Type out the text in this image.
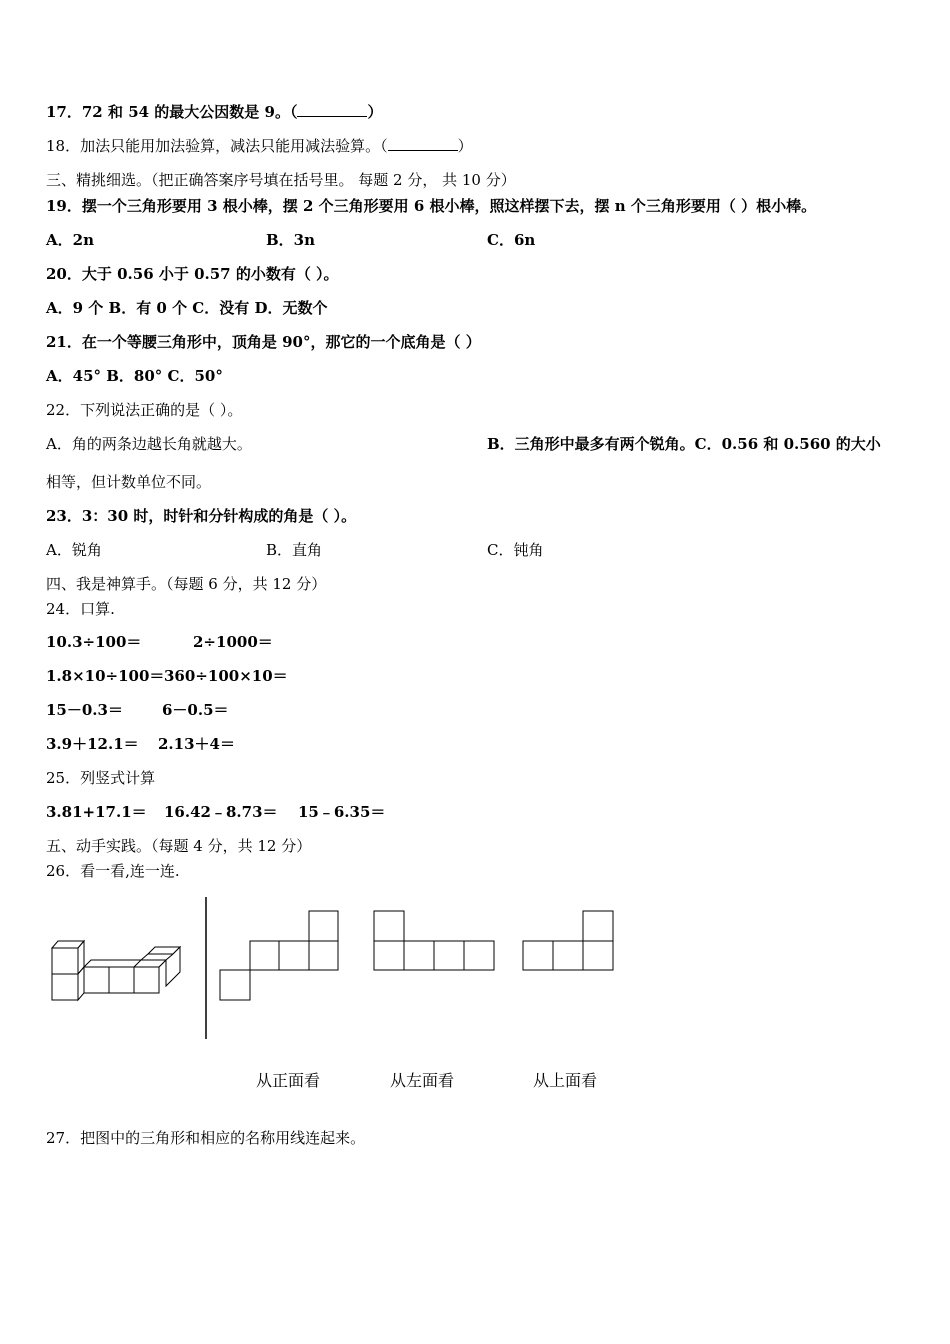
17．72 和 54 的最大公因数是 9。（	）
18．加法只能用加法验算，减法只能用减法验算。（	）
三、精挑细选。（把正确答案序号填在括号里。 每题 2 分， 共 10 分）
19．摆一个三角形要用 3 根小棒，摆 2 个三角形要用 6 根小棒，照这样摆下去，摆 n 个三角形要用（ ）根小棒。
A．2n	B．3n	C．6n
20．大于 0.56 小于 0.57 的小数有（ ）。
A．9 个 B．有 0 个 C．没有 D．无数个
21．在一个等腰三角形中，顶角是 90°，那它的一个底角是（ ）
A．45° B．80° C．50°
22．下列说法正确的是（ ）。
A．角的两条边越长角就越大。	B．三角形中最多有两个锐角。C．0.56 和 0.560 的大小
相等，但计数单位不同。
23．3：30 时，时针和分针构成的角是（ ）。
A．锐角	B．直角	C．钝角
四、我是神算手。（每题 6 分，共 12 分）
24．口算.
10.3÷100＝	2÷1000＝
1.8×10÷100＝ 360÷100×10＝
15－0.3＝	6－0.5＝
3.9＋12.1＝ 2.13＋4＝
25．列竖式计算
3.81+17.1＝ 16.42﹣8.73＝ 15﹣6.35＝
五、动手实践。（每题 4 分，共 12 分）
26．看一看,连一连.
从正面看	从左面看	从上面看
27．把图中的三角形和相应的名称用线连起来。
